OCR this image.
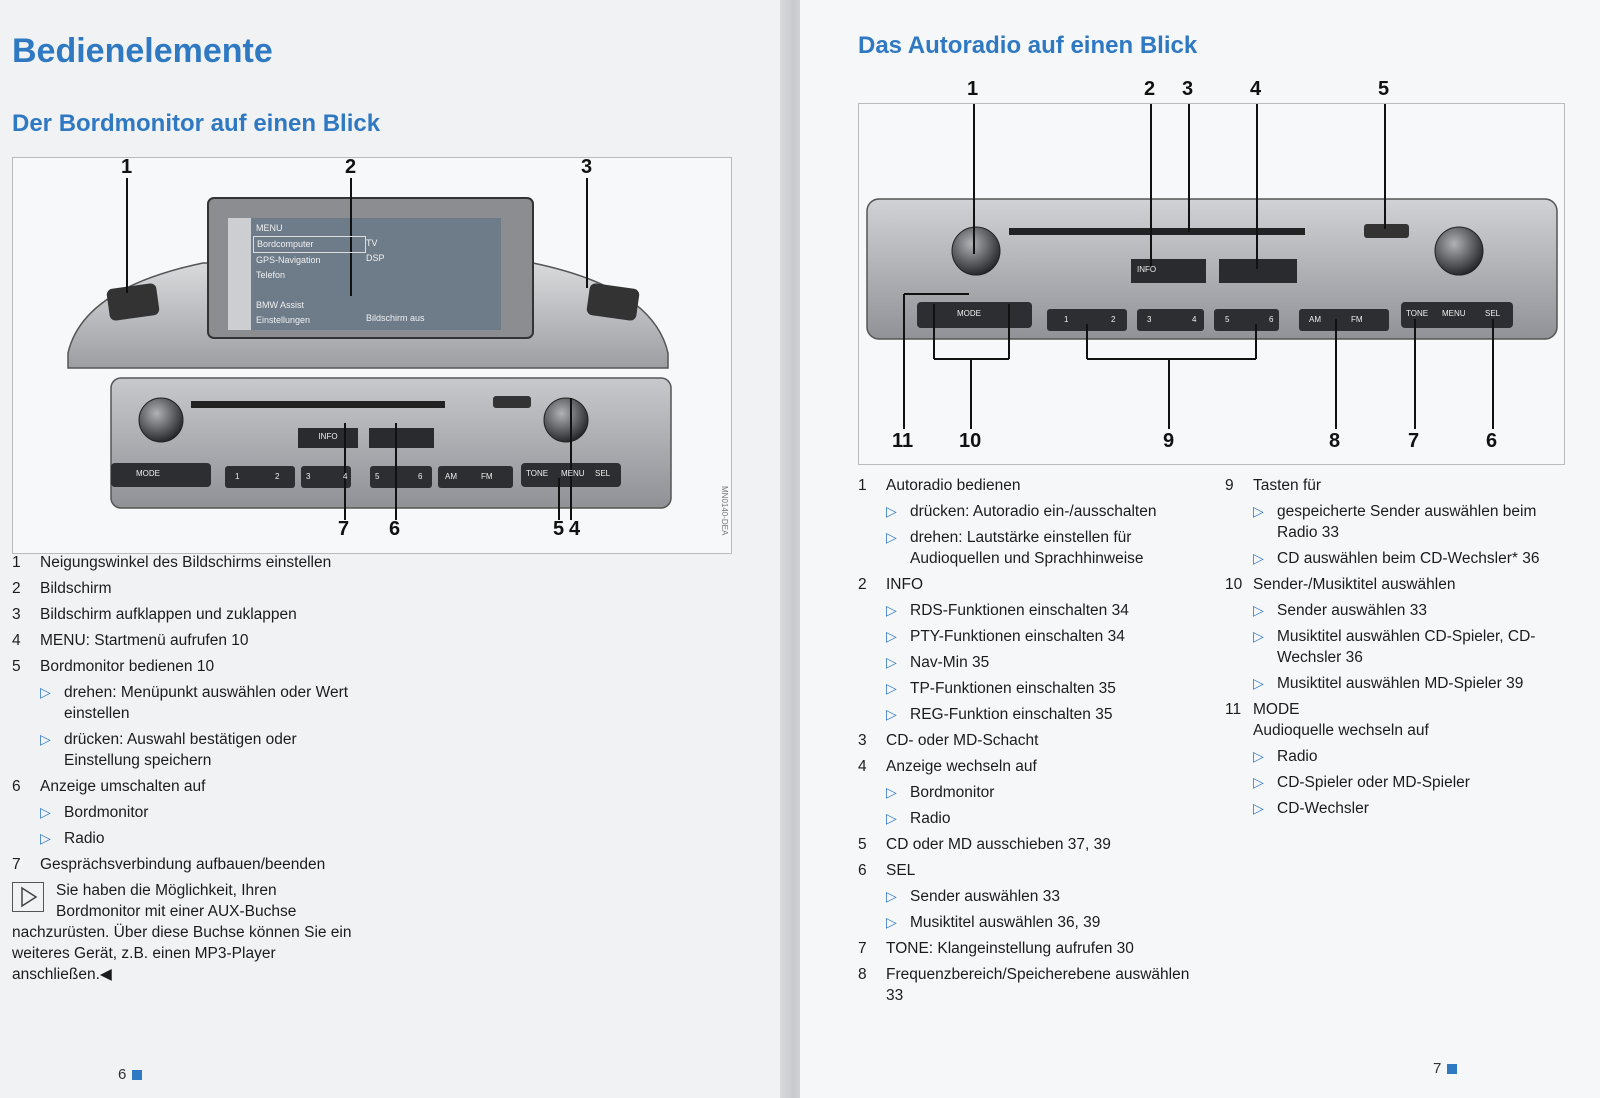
Bedienelemente
Der Bordmonitor auf einen Blick
MENU
Bordcomputer
GPS-Navigation
Telefon
BMW Assist
Einstellungen
TV
DSP
Bildschirm aus
INFO
MODE	1	2	3	4	5	6	AM	FM	TONE MENU SEL
1	2	3
7 6	5 4	MN0140-DEA
1 Neigungswinkel des Bildschirms einstellen
2 Bildschirm
3 Bildschirm aufklappen und zuklappen
4 MENU: Startmenü aufrufen 10
5 Bordmonitor bedienen 10
▷ drehen: Menüpunkt auswählen oder Wert einstellen
▷ drücken: Auswahl bestätigen oder Einstellung speichern
6 Anzeige umschalten auf
▷ Bordmonitor
▷ Radio
7 Gesprächsverbindung aufbauen/beenden
Sie haben die Möglichkeit, Ihren Bordmonitor mit einer AUX-Buchse nachzurüsten. Über diese Buchse können Sie ein weiteres Gerät, z.B. einen MP3-Player anschließen.◀
6
Das Autoradio auf einen Blick
INFO
MODE
1	2	3	4	5	6	AM	FM
TONE MENU SEL
1	2 3	4	5
11 10	9	8	7	6
1 Autoradio bedienen
▷ drücken: Autoradio ein-/ausschalten
▷ drehen: Lautstärke einstellen für Audioquellen und Sprachhinweise
2 INFO
▷ RDS-Funktionen einschalten 34
▷ PTY-Funktionen einschalten 34
▷ Nav-Min 35
▷ TP-Funktionen einschalten 35
▷ REG-Funktion einschalten 35
3 CD- oder MD-Schacht
4 Anzeige wechseln auf
▷ Bordmonitor
▷ Radio
5 CD oder MD ausschieben 37, 39
6 SEL
▷ Sender auswählen 33
▷ Musiktitel auswählen 36, 39
7 TONE: Klangeinstellung aufrufen 30
8 Frequenzbereich/Speicherebene auswählen 33
9 Tasten für
▷ gespeicherte Sender auswählen beim Radio 33
▷ CD auswählen beim CD-Wechsler* 36
10 Sender-/Musiktitel auswählen
▷ Sender auswählen 33
▷ Musiktitel auswählen CD-Spieler, CD-Wechsler 36
▷ Musiktitel auswählen MD-Spieler 39
11 MODE
Audioquelle wechseln auf
▷ Radio
▷ CD-Spieler oder MD-Spieler
▷ CD-Wechsler
7
